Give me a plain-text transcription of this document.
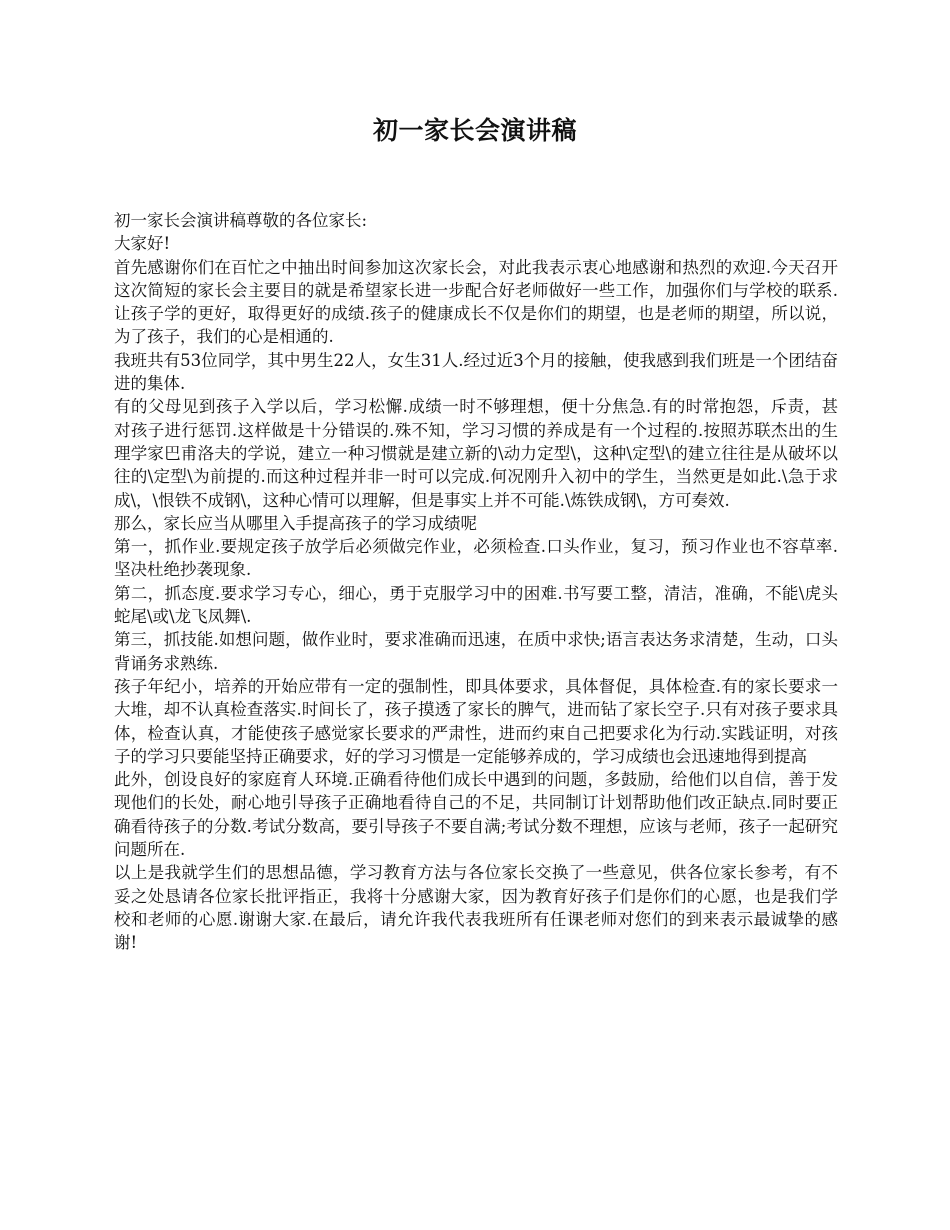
初一家长会演讲稿

初一家长会演讲稿尊敬的各位家长:

大家好!

首先感谢你们在百忙之中抽出时间参加这次家长会，对此我表示衷心地感谢和热烈的欢迎.今天召开这次简短的家长会主要目的就是希望家长进一步配合好老师做好一些工作，加强你们与学校的联系.让孩子学的更好，取得更好的成绩.孩子的健康成长不仅是你们的期望，也是老师的期望，所以说，为了孩子，我们的心是相通的.

我班共有53位同学，其中男生22人，女生31人.经过近3个月的接触，使我感到我们班是一个团结奋进的集体.

有的父母见到孩子入学以后，学习松懈.成绩一时不够理想，便十分焦急.有的时常抱怨，斥责，甚 对孩子进行惩罚.这样做是十分错误的.殊不知，学习习惯的养成是有一个过程的.按照苏联杰出的生理学家巴甫洛夫的学说，建立一种习惯就是建立新的\动力定型\，这种\定型\的建立往往是从破坏以往的\定型\为前提的.而这种过程并非一时可以完成.何况刚升入初中的学生，当然更是如此.\急于求成\，\恨铁不成钢\，这种心情可以理解，但是事实上并不可能.\炼铁成钢\，方可奏效.

那么，家长应当从哪里入手提高孩子的学习成绩呢

第一，抓作业.要规定孩子放学后必须做完作业，必须检查.口头作业，复习，预习作业也不容草率.坚决杜绝抄袭现象.

第二，抓态度.要求学习专心，细心，勇于克服学习中的困难.书写要工整，清洁，准确，不能\虎头蛇尾\或\龙飞凤舞\.

第三，抓技能.如想问题，做作业时，要求准确而迅速，在质中求快;语言表达务求清楚，生动，口头背诵务求熟练.

孩子年纪小，培养的开始应带有一定的强制性，即具体要求，具体督促，具体检查.有的家长要求一大堆，却不认真检查落实.时间长了，孩子摸透了家长的脾气，进而钻了家长空子.只有对孩子要求具体，检查认真，才能使孩子感觉家长要求的严肃性，进而约束自己把要求化为行动.实践证明，对孩子的学习只要能坚持正确要求，好的学习习惯是一定能够养成的，学习成绩也会迅速地得到提高

此外，创设良好的家庭育人环境.正确看待他们成长中遇到的问题，多鼓励，给他们以自信，善于发现他们的长处，耐心地引导孩子正确地看待自己的不足，共同制订计划帮助他们改正缺点.同时要正确看待孩子的分数.考试分数高，要引导孩子不要自满;考试分数不理想，应该与老师，孩子一起研究问题所在.

以上是我就学生们的思想品德，学习教育方法与各位家长交换了一些意见，供各位家长参考，有不妥之处恳请各位家长批评指正，我将十分感谢大家，因为教育好孩子们是你们的心愿，也是我们学校和老师的心愿.谢谢大家.在最后，请允许我代表我班所有任课老师对您们的到来表示最诚挚的感谢!
